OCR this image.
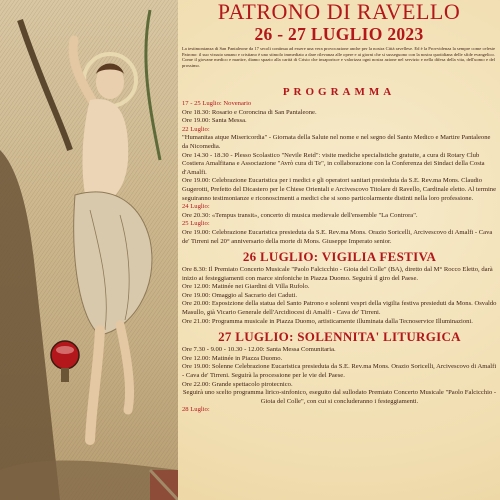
PATRONO DI RAVELLO
26 - 27 LUGLIO 2023
La testimonianza di San Pantaleone da 17 secoli continua ad essere una vera provocazione anche per la nostra Città ravellese. Ed è la Provvidenza la sempre come celeste Patrono: il suo vissuto umano e cristiano è uno stimolo immediato a dare rilevanza alle opere e ai giorni che si susseguono con la nostra quotidiana delle sfide evangelico. Come il giovane medico e martire, diamo spazio alla carità di Cristo che insaporisce e valorizza ogni nostra azione nel servizio e nella difesa della vita, dell'uomo e del prossimo.
PROGRAMMA

17 - 25 Luglio: Novenario

Ore 18.30: Rosario e Coroncina di San Pantaleone.

Ore 19.00: Santa Messa.

22 Luglio:

"Humanitas atque Misericordia" - Giornata della Salute nel nome e nel segno del Santo Medico e Martire Pantaleone da Nicomedia.

Ore 14.30 - 18.30 - Plesso Scolastico "Nevile Reid": visite mediche specialistiche gratuite, a cura di Rotary Club Costiera Amalfitana e Associazione "Avrò cura di Te", in collaborazione con la Conferenza dei Sindaci della Costa d'Amalfi.

Ore 19.00: Celebrazione Eucaristica per i medici e gli operatori sanitari presieduta da S.E. Rev.ma Mons. Claudio Gugerotti, Prefetto del Dicastero per le Chiese Orientali e Arcivescovo Titolare di Ravello, Cardinale eletto. Al termine seguiranno testimonianze e riconoscimenti a medici che si sono particolarmente distinti nella loro professione.

24 Luglio:

Ore 20.30: «Tempus transit», concerto di musica medievale dell'ensemble "La Controra".

25 Luglio:

Ore 19.00: Celebrazione Eucaristica presieduta da S.E. Rev.ma Mons. Orazio Soricelli, Arcivescovo di Amalfi - Cava de' Tirreni nel 20° anniversario della morte di Mons. Giuseppe Imperato senior.

26 LUGLIO: VIGILIA FESTIVA

Ore 8.30: Il Premiato Concerto Musicale "Paolo Falcicchio - Gioia del Colle" (BA), diretto dal M° Rocco Eletto, darà inizio ai festeggiamenti con marce sinfoniche in Piazza Duomo. Seguirà il giro del Paese.

Ore 12.00: Matinée nei Giardini di Villa Rufolo.

Ore 19.00: Omaggio al Sacrario dei Caduti.

Ore 20.00: Esposizione della statua del Santo Patrono e solenni vespri della vigilia festiva presieduti da Mons. Osvaldo Masullo, già Vicario Generale dell'Arcidiocesi di Amalfi - Cava de' Tirreni.

Ore 21.00: Programma musicale in Piazza Duomo, artisticamente illuminata dalla Tecnoservice Illuminazioni.

27 LUGLIO: SOLENNITA' LITURGICA

Ore 7.30 - 9.00 - 10.30 - 12.00: Santa Messa Comunitaria.

Ore 12.00: Matinée in Piazza Duomo.

Ore 19.00: Solenne Celebrazione Eucaristica presieduta da S.E. Rev.ma Mons. Orazio Soricelli, Arcivescovo di Amalfi - Cava de' Tirreni. Seguirà la processione per le vie del Paese.

Ore 22.00: Grande spettacolo pirotecnico.

Seguirà uno scelto programma lirico-sinfonico, eseguito dal sullodato Premiato Concerto Musicale "Paolo Falcicchio - Gioia del Colle", con cui si concluderanno i festeggiamenti.

28 Luglio:
